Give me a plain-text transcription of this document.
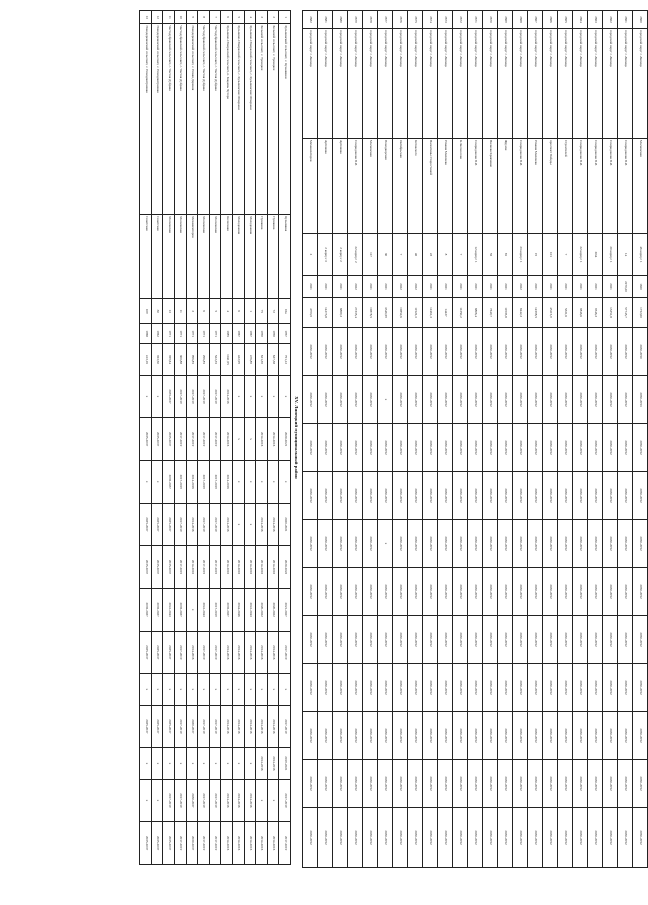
2660	городской округ г. Липецк	Московская	46 корпус 1	1820	1752,60	2030-2050	2050-2053	2050-2052	2050-2052	2050-2052	2050-2052	2050-2052	2050-2052	2050-2052	2050-2052	2050-2052
2661	городской округ г. Липецк	Спиридонова Н.И.	14	2270,20	57745,7	2030-2052	2030-2052	2030-2052	2030-2052	2030-2052	2030-2052	2030-2052	2030-2052	2030-2052	2030-2052	2030-2052
2662	городской округ г. Липецк	Спиридонова Н.И.	20 корпус 1	2021	13351,8	2030-2052	2030-2052	2030-2052	2030-2052	2030-2052	2030-2052	2030-2052	2030-2052	2030-2052	2030-2052	2030-2052
2663	городской округ г. Липецк	Спиридонова Н.И.	20А	2021	9346,3	2030-2052	2030-2052	2030-2052	2030-2052	2030-2052	2030-2052	2030-2052	2030-2052	2030-2052	2030-2052	2030-2052
2664	городской округ г. Липецк	Спиридонова Н.И.	22 корпус 1	2021	9846,6	2030-2052	2030-2052	2030-2052	2030-2052	2030-2052	2030-2052	2030-2052	2030-2052	2030-2052	2030-2052	2030-2052
2665	городской округ г. Липецк	Строителей	7	2021	5331,6	2030-2052	2030-2052	2030-2052	2030-2052	2030-2052	2030-2052	2030-2052	2030-2052	2030-2052	2030-2052	2030-2052
2666	городской округ г. Липецк	проспект Победы	101	2021	45115,9	2030-2052	2030-2052	2030-2052	2030-2052	2030-2052	2030-2052	2030-2052	2030-2052	2030-2052	2030-2052	2030-2052
2667	городской округ г. Липецк	Романа Милачева	19	2021	14598,5	2030-2052	2030-2052	2030-2052	2030-2052	2030-2052	2030-2052	2030-2052	2030-2052	2030-2052	2030-2052	2030-2052
2668	городской округ г. Липецк	Спиридонова Н.И.	23 корпус 1	2022	8442,3	2030-2052	2030-2052	2030-2052	2030-2052	2030-2052	2030-2052	2030-2052	2030-2052	2030-2052	2030-2052	2030-2052
2669	городской округ г. Липецк	Фрунзе	81	2021	11935,8	2030-2052	2030-2052	2030-2052	2030-2052	2030-2052	2030-2052	2030-2052	2030-2052	2030-2052	2030-2052	2030-2052
2670	городской округ г. Липецк	Вилкова Кравченко	55	2021	7649,7	2030-2052	2030-2052	2030-2052	2030-2052	2030-2052	2030-2052	2030-2052	2030-2052	2030-2052	2030-2052	2030-2052
2671	городской округ г. Липецк	Спиридонова Н.И.	12 корпус 1	2021	8806,4	2030-2052	2030-2052	2030-2052	2030-2052	2030-2052	2030-2052	2030-2052	2030-2052	2030-2052	2030-2052	2030-2052
2672	городской округ г. Липецк	К.Засоносова	7	2021	11350,2	2030-2052	2030-2052	2030-2052	2030-2052	2030-2052	2030-2052	2030-2052	2030-2052	2030-2052	2030-2052	2030-2052
2673	городской округ г. Липецк	Романа Милачева	8	2021	14437	2030-2052	2030-2052	2030-2052	2030-2052	2030-2052	2030-2052	2030-2052	2030-2052	2030-2052	2030-2052	2030-2052
2674	городской округ г. Липецк	Валентины Старостиной	23	2021	12461,3	2030-2052	2030-2052	2030-2052	2030-2052	2030-2052	2030-2052	2030-2052	2030-2052	2030-2052	2030-2052	2030-2052
2675	городской округ г. Липецк	Котовского	46	2022	11522,3	2030-2052	2030-2052	2030-2052	2030-2052	2030-2052	2030-2052	2030-2052	2030-2052	2030-2052	2030-2052	2030-2052
2676	городской округ г. Липецк	Октябрьская	7	2022	19852,6	2030-2052	2030-2052	2030-2052	2030-2052	2030-2052	2030-2052	2030-2052	2030-2052	2030-2052	2030-2052	2030-2052
2677	городской округ г. Липецк	Новодворская	30	2021	3346,59	2030-2052	x	2030-2052	2030-2052	x	2030-2052	2030-2052	2030-2052	2030-2052	2030-2052	2030-2052
2678	городской округ г. Липецк	Московская	117	2021	19878,5	2030-2052	2030-2052	2030-2052	2030-2052	2030-2052	2030-2052	2030-2052	2030-2052	2030-2052	2030-2052	2030-2052
2679	городской округ г. Липецк	Спиридонова Н.И.	22 корпус 2	2022	27335,4	2030-2052	2030-2052	2030-2052	2030-2052	2030-2052	2030-2052	2030-2052	2030-2052	2030-2052	2030-2052	2030-2052
2680	городской округ г. Липецк	Артемова	2 корпус 2	2021	8889,3	2030-2052	2030-2052	2030-2052	2030-2052	2030-2052	2030-2052	2030-2052	2030-2052	2030-2052	2030-2052	2030-2052
2681	городской округ г. Липецк	Артемова	2 корпус 3	2021	14273,8	2030-2052	2030-2052	2030-2052	2030-2052	2030-2052	2030-2052	2030-2052	2030-2052	2030-2052	2030-2052	2030-2052
2682	городской округ г. Липецк	Механизаторов	2	2021	4793,9	2030-2052	2030-2052	2030-2052	2030-2052	2030-2052	2030-2052	2030-2052	2030-2052	2030-2052	2030-2052	2030-2052
XV. Липецкий муниципальный район
1	Кузьминский сельсовет, с. Кузьминки	Кузьминка	16а	1957	791,12	x	2020-2021	x	2020-2021	2020-2022	2021-2027	2017-2019	x	2017-2019	2019-2021	2017-2019	2017-2019
2	Большой сельсовет, с. Троицкое	Пушкина	72	1959	637,38	x	2014-2016	x	2014-2016	2014-2016	2020-2022	2014-2016	x	2014-2016	2014-2016	x	2014-2016
3	Большой сельсовет, с. Троицкое	Пушкина	75	1959	621,39	x	2014-2016	x	2014-2016	2014-2016	2020-2022	2014-2016	x	2014-2016	2014-2016	x	2014-2016
4	Кузьмино-Отвержский сельсовет, с. Кузьминские Отвержки	Молодежная	1	1967	476,89	x	x	x	x	2014-2016	2041-2043	2014-2016	x	2014-2016	x	2014-2016	2014-2016
5	Кузьмино-Отвержский сельсовет, с. Кузьминские Отвержки	Молодежная	6	1967	422,99	x	x	x	x	2014-2016	2044-2046	2014-2016	x	2014-2016	x	2014-2016	2014-2016
6	Кузьмино-Отвержский сельсовет, п. Кацаевь Хутора	Колхозная	4	1985	1041,95	2014-2016	2014-2016	2014-2016	2014-2016	2014-2016	2035-2037	2014-2016	x	2014-2016	x	2014-2016	2014-2016
7	Частодубравский сельсовет, с. Частая Дубрава	Московская	5	1971	522,35	2017-2019	2017-2019	2017-2019	2017-2019	2017-2019	2017-2019	2017-2019	x	2017-2019	x	2017-2019	2017-2019
8	Частодубравский сельсовет, с. Частая Дубрава	Московская	6	1971	296,85	2017-2019	2017-2019	2017-2019	2017-2019	2017-2019	2041-2043	2017-2019	x	2017-2019	x	2017-2019	2017-2019
9	Новодеревенский сельсовет, с. Новая Деревня	Механизаторов	3	1971	996,85	2017-2019	2017-2019	2014-2016	2014-2016	2014-2016	x	2014-2016	x	2030-2037	x	2030-2037	2030-2037
10	Частодубравский сельсовет, с. Частая Дубрава	Московская	11	1971	300,88	2017-2019	2017-2019	2017-2019	2017-2019	2017-2019	2035-2037	2017-2019	x	2017-2019	x	2017-2019	2017-2019
11	Частодубравский сельсовет, с. Частая Дубрава	Московская	13	1971	359,64	2035-2037	2035-2037	2035-2037	2035-2037	2035-2037	2041-2043	2035-2037	x	2035-2037	x	2017-2019	2035-2037
12	Новодеревенский сельсовет, с. Новодмитриевка	Советская	30	1962	353,50	x	2035-2037	x	2035-2037	2035-2037	2035-2037	2035-2037	x	2035-2037	x	x	2035-2037
13	Новодеревенский сельсовет, с. Новодмитриевка	Советская	109	1968	413,16	x	2035-2037	x	2035-2037	2035-2037	2035-2037	2035-2037	x	2035-2037	x	x	2035-2037
